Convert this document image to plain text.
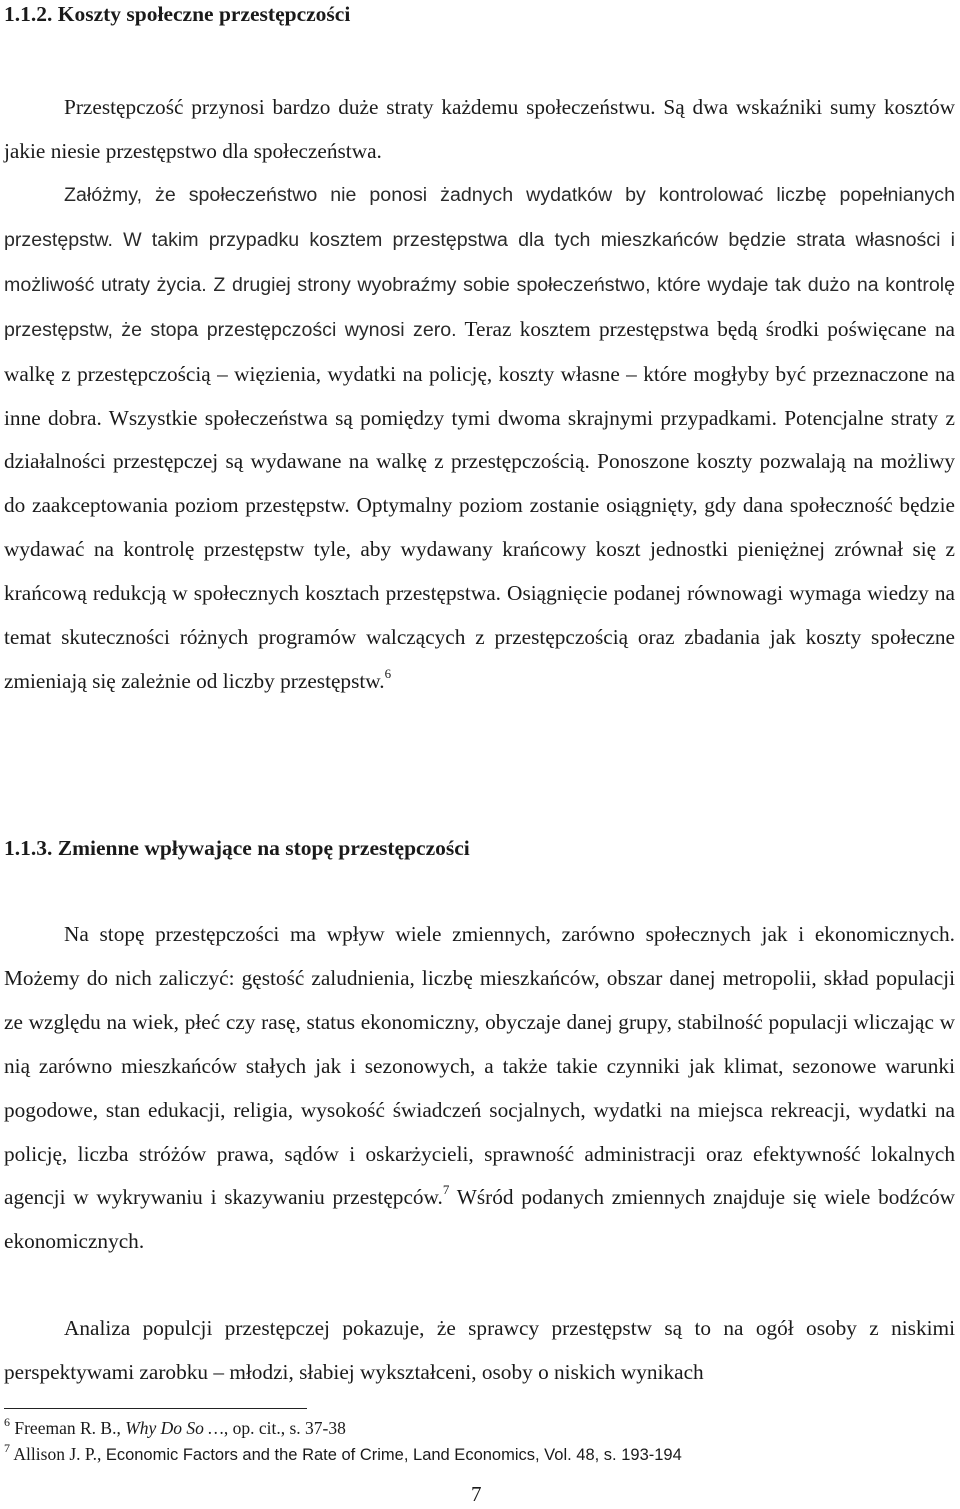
1.1.2. Koszty społeczne przestępczości

Przestępczość przynosi bardzo duże straty każdemu społeczeństwu. Są dwa wskaźniki sumy kosztów jakie niesie przestępstwo dla społeczeństwa.

Załóżmy, że społeczeństwo nie ponosi żadnych wydatków by kontrolować liczbę popełnianych przestępstw. W takim przypadku kosztem przestępstwa dla tych mieszkańców będzie strata własności i możliwość utraty życia. Z drugiej strony wyobraźmy sobie społeczeństwo, które wydaje tak dużo na kontrolę przestępstw, że stopa przestępczości wynosi zero. Teraz kosztem przestępstwa będą środki poświęcane na walkę z przestępczością – więzienia, wydatki na policję, koszty własne – które mogłyby być przeznaczone na inne dobra. Wszystkie społeczeństwa są pomiędzy tymi dwoma skrajnymi przypadkami. Potencjalne straty z działalności przestępczej są wydawane na walkę z przestępczością. Ponoszone koszty pozwalają na możliwy do zaakceptowania poziom przestępstw. Optymalny poziom zostanie osiągnięty, gdy dana społeczność będzie wydawać na kontrolę przestępstw tyle, aby wydawany krańcowy koszt jednostki pieniężnej zrównał się z krańcową redukcją w społecznych kosztach przestępstwa. Osiągnięcie podanej równowagi wymaga wiedzy na temat skuteczności różnych programów walczących z przestępczością oraz zbadania jak koszty społeczne zmieniają się zależnie od liczby przestępstw.$^6$

1.1.3. Zmienne wpływające na stopę przestępczości

Na stopę przestępczości ma wpływ wiele zmiennych, zarówno społecznych jak i ekonomicznych. Możemy do nich zaliczyć: gęstość zaludnienia, liczbę mieszkańców, obszar danej metropolii, skład populacji ze względu na wiek, płeć czy rasę, status ekonomiczny, obyczaje danej grupy, stabilność populacji wliczając w nią zarówno mieszkańców stałych jak i sezonowych, a także takie czynniki jak klimat, sezonowe warunki pogodowe, stan edukacji, religia, wysokość świadczeń socjalnych, wydatki na miejsca rekreacji, wydatki na policję, liczba stróżów prawa, sądów i oskarżycieli, sprawność administracji oraz efektywność lokalnych agencji w wykrywaniu i skazywaniu przestępców.$^7$ Wśród podanych zmiennych znajduje się wiele bodźców ekonomicznych.

Analiza populcji przestępczej pokazuje, że sprawcy przestępstw są to na ogół osoby z niskimi perspektywami zarobku – młodzi, słabiej wykształceni, osoby o niskich wynikach

$^6$ Freeman R. B., Why Do So …, op. cit., s. 37-38

$^7$ Allison J. P., Economic Factors and the Rate of Crime, Land Economics, Vol. 48, s. 193-194

7
